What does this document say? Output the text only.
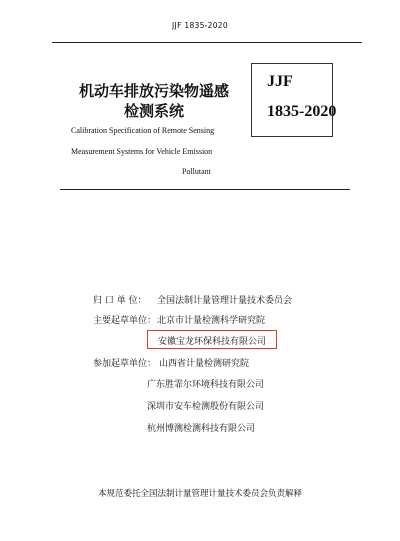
JJF 1835-2020
机动车排放污染物遥感
检测系统
JJF
1835-2020
Calibration Specification of Remote Sensing
Measurement Systems for Vehicle Emission
Pollutant
归 口 单 位： 全国法制计量管理计量技术委员会
主要起草单位： 北京市计量检测科学研究院
安徽宝龙环保科技有限公司
参加起草单位： 山西省计量检测研究院
广东胜霏尔环境科技有限公司
深圳市安车检测股份有限公司
杭州博测检测科技有限公司
本规范委托全国法制计量管理计量技术委员会负责解释
